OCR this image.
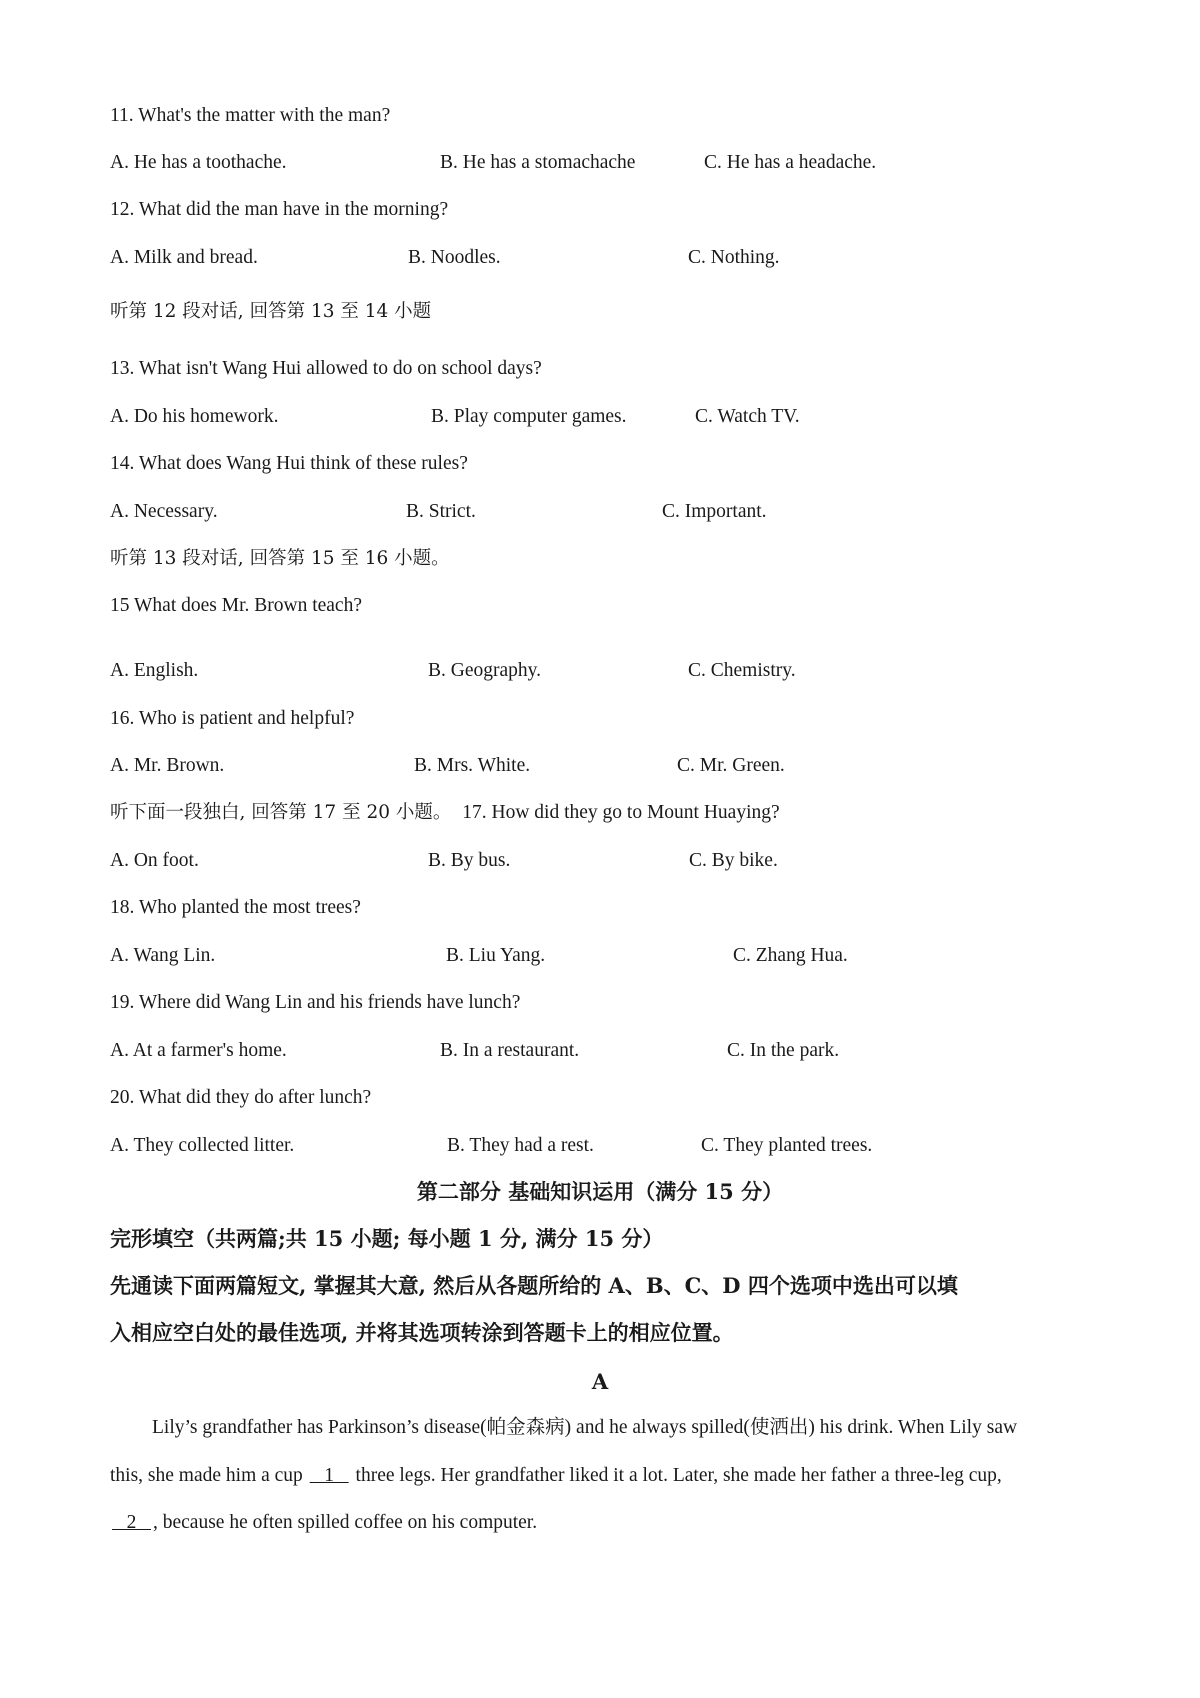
11. What's the matter with the man?
A. He has a toothache.	B. He has a stomachache	C. He has a headache.
12. What did the man have in the morning?
A. Milk and bread.	B. Noodles.	C. Nothing.
听第 12 段对话, 回答第 13 至 14 小题
13. What isn't Wang Hui allowed to do on school days?
A. Do his homework.	B. Play computer games.	C. Watch TV.
14. What does Wang Hui think of these rules?
A. Necessary.	B. Strict.	C. Important.
听第 13 段对话, 回答第 15 至 16 小题。
15 What does Mr. Brown teach?
A. English.	B. Geography.	C. Chemistry.
16. Who is patient and helpful?
A. Mr. Brown.	B. Mrs. White.	C. Mr. Green.
听下面一段独白, 回答第 17 至 20 小题。 17. How did they go to Mount Huaying?
A. On foot.	B. By bus.	C. By bike.
18. Who planted the most trees?
A. Wang Lin.	B. Liu Yang.	C. Zhang Hua.
19. Where did Wang Lin and his friends have lunch?
A. At a farmer's home.	B. In a restaurant.	C. In the park.
20. What did they do after lunch?
A. They collected litter.	B. They had a rest.	C. They planted trees.
第二部分 基础知识运用（满分 15 分）
完形填空（共两篇;共 15 小题; 每小题 1 分, 满分 15 分）
先通读下面两篇短文, 掌握其大意, 然后从各题所给的 A、B、C、D 四个选项中选出可以填
入相应空白处的最佳选项, 并将其选项转涂到答题卡上的相应位置。
A
Lily’s grandfather has Parkinson’s disease(帕金森病) and he always spilled(使洒出) his drink. When Lily saw
this, she made him a cup    1    three legs. Her grandfather liked it a lot. Later, she made her father a three-leg cup,
2   , because he often spilled coffee on his computer.
